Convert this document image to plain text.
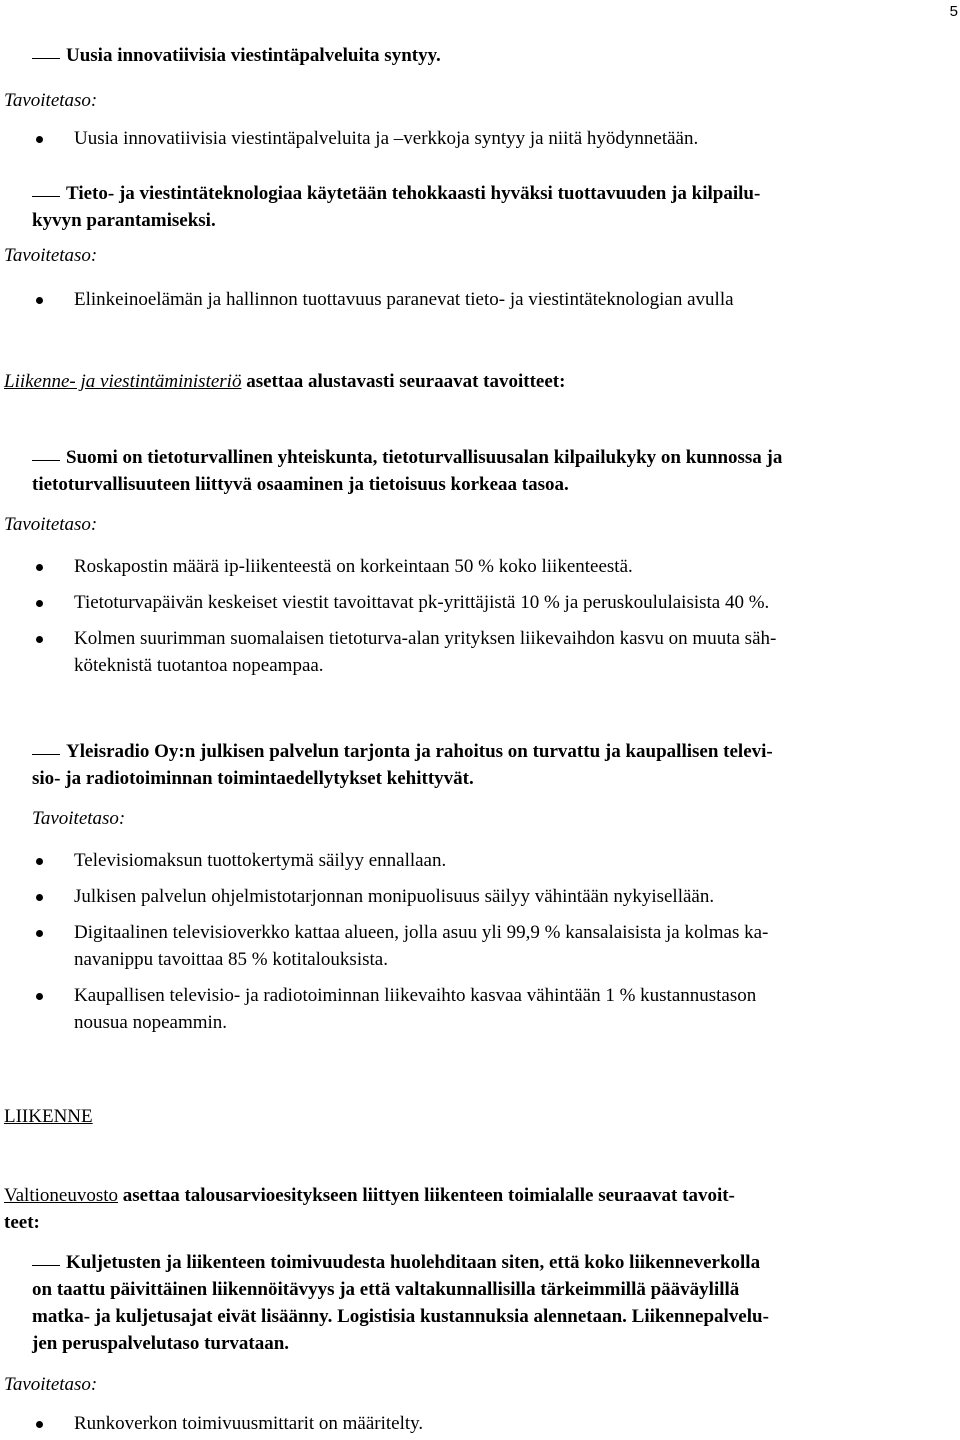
5
Uusia innovatiivisia viestintäpalveluita syntyy.
Tavoitetaso:
Uusia innovatiivisia viestintäpalveluita ja –verkkoja syntyy ja niitä hyödynnetään.
Tieto- ja viestintäteknologiaa käytetään tehokkaasti hyväksi tuottavuuden ja kilpailu-
kyvyn parantamiseksi.
Tavoitetaso:
Elinkeinoelämän ja hallinnon tuottavuus paranevat tieto- ja viestintäteknologian avulla
Liikenne- ja viestintäministeriö asettaa alustavasti seuraavat tavoitteet:
Suomi on tietoturvallinen yhteiskunta, tietoturvallisuusalan kilpailukyky on kunnossa ja
tietoturvallisuuteen liittyvä osaaminen ja tietoisuus korkeaa tasoa.
Tavoitetaso:
Roskapostin määrä ip-liikenteestä on korkeintaan 50 % koko liikenteestä.
Tietoturvapäivän keskeiset viestit tavoittavat pk-yrittäjistä 10 % ja peruskoululaisista 40 %.
Kolmen suurimman suomalaisen tietoturva-alan yrityksen liikevaihdon kasvu on muuta säh-
köteknistä tuotantoa nopeampaa.
Yleisradio Oy:n julkisen palvelun tarjonta ja rahoitus on turvattu ja kaupallisen televi-
sio- ja radiotoiminnan toimintaedellytykset kehittyvät.
Tavoitetaso:
Televisiomaksun tuottokertymä säilyy ennallaan.
Julkisen palvelun ohjelmistotarjonnan monipuolisuus säilyy vähintään nykyisellään.
Digitaalinen televisioverkko kattaa alueen, jolla asuu yli 99,9 % kansalaisista ja kolmas ka-
navanippu tavoittaa 85 % kotitalouksista.
Kaupallisen televisio- ja radiotoiminnan liikevaihto kasvaa vähintään 1 % kustannustason
nousua nopeammin.
LIIKENNE
Valtioneuvosto asettaa talousarvioesitykseen liittyen liikenteen toimialalle seuraavat tavoit-
teet:
Kuljetusten ja liikenteen toimivuudesta huolehditaan siten, että koko liikenneverkolla
on taattu päivittäinen liikennöitävyys ja että valtakunnallisilla tärkeimmillä pääväylillä
matka- ja kuljetusajat eivät lisäänny. Logistisia kustannuksia alennetaan. Liikennepalvelu-
jen peruspalvelutaso turvataan.
Tavoitetaso:
Runkoverkon toimivuusmittarit on määritelty.
